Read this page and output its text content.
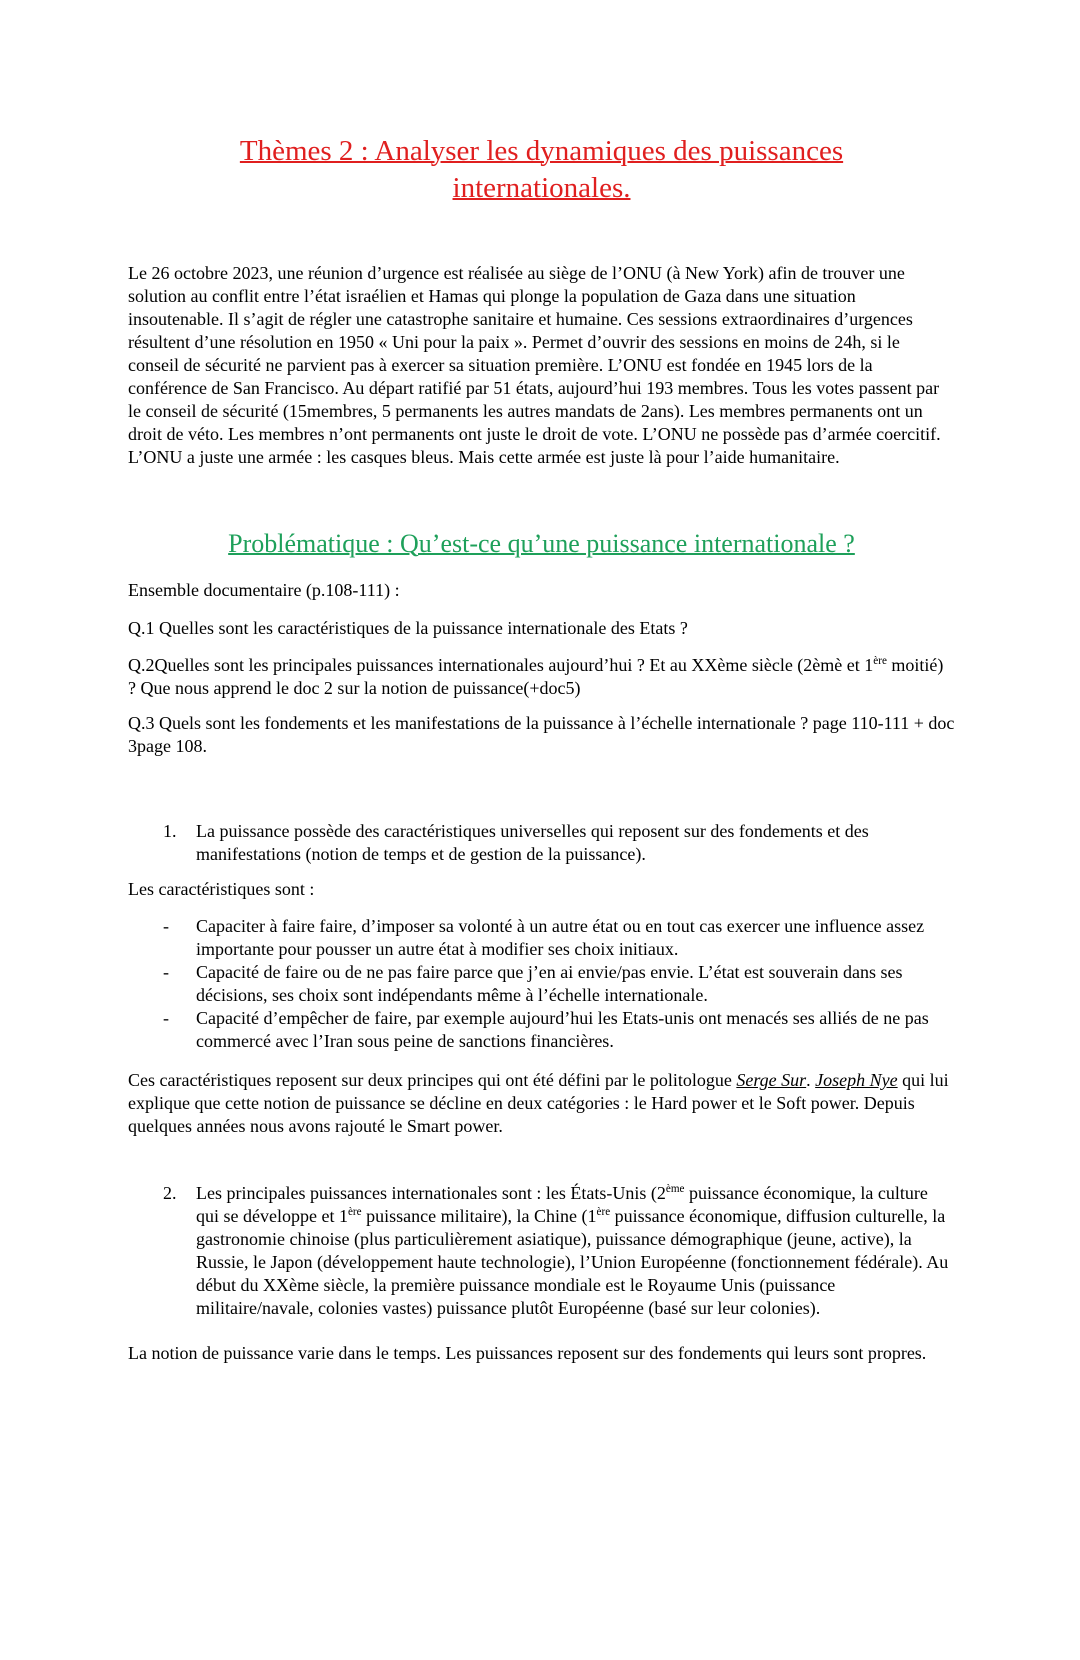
Thèmes 2 : Analyser les dynamiques des puissances internationales.

Le 26 octobre 2023, une réunion d’urgence est réalisée au siège de l’ONU (à New York) afin de trouver une solution au conflit entre l’état israélien et Hamas qui plonge la population de Gaza dans une situation insoutenable. Il s’agit de régler une catastrophe sanitaire et humaine. Ces sessions extraordinaires d’urgences résultent d’une résolution en 1950 « Uni pour la paix ». Permet d’ouvrir des sessions en moins de 24h, si le conseil de sécurité ne parvient pas à exercer sa situation première. L’ONU est fondée en 1945 lors de la conférence de San Francisco. Au départ ratifié par 51 états, aujourd’hui 193 membres. Tous les votes passent par le conseil de sécurité (15membres, 5 permanents les autres mandats de 2ans). Les membres permanents ont un droit de véto. Les membres n’ont permanents ont juste le droit de vote. L’ONU ne possède pas d’armée coercitif. L’ONU a juste une armée : les casques bleus. Mais cette armée est juste là pour l’aide humanitaire.

Problématique : Qu’est-ce qu’une puissance internationale ?

Ensemble documentaire (p.108-111) :

Q.1 Quelles sont les caractéristiques de la puissance internationale des Etats ?

Q.2Quelles sont les principales puissances internationales aujourd’hui ? Et au XXème siècle (2èmè et 1ère moitié) ? Que nous apprend le doc 2 sur la notion de puissance(+doc5)

Q.3 Quels sont les fondements et les manifestations de la puissance à l’échelle internationale ? page 110-111 + doc 3page 108.

1.	La puissance possède des caractéristiques universelles qui reposent sur des fondements et des manifestations (notion de temps et de gestion de la puissance).

Les caractéristiques sont :

-	Capaciter à faire faire, d’imposer sa volonté à un autre état ou en tout cas exercer une influence assez importante pour pousser un autre état à modifier ses choix initiaux.

-	Capacité de faire ou de ne pas faire parce que j’en ai envie/pas envie. L’état est souverain dans ses décisions, ses choix sont indépendants même à l’échelle internationale.

-	Capacité d’empêcher de faire, par exemple aujourd’hui les Etats-unis ont menacés ses alliés de ne pas commercé avec l’Iran sous peine de sanctions financières.

Ces caractéristiques reposent sur deux principes qui ont été défini par le politologue Serge Sur. Joseph Nye qui lui explique que cette notion de puissance se décline en deux catégories : le Hard power et le Soft power. Depuis quelques années nous avons rajouté le Smart power.

2.	Les principales puissances internationales sont : les États-Unis (2ème puissance économique, la culture qui se développe et 1ère puissance militaire), la Chine (1ère puissance économique, diffusion culturelle, la gastronomie chinoise (plus particulièrement asiatique), puissance démographique (jeune, active), la Russie, le Japon (développement haute technologie), l’Union Européenne (fonctionnement fédérale). Au début du XXème siècle, la première puissance mondiale est le Royaume Unis (puissance militaire/navale, colonies vastes) puissance plutôt Européenne (basé sur leur colonies).

La notion de puissance varie dans le temps. Les puissances reposent sur des fondements qui leurs sont propres.
